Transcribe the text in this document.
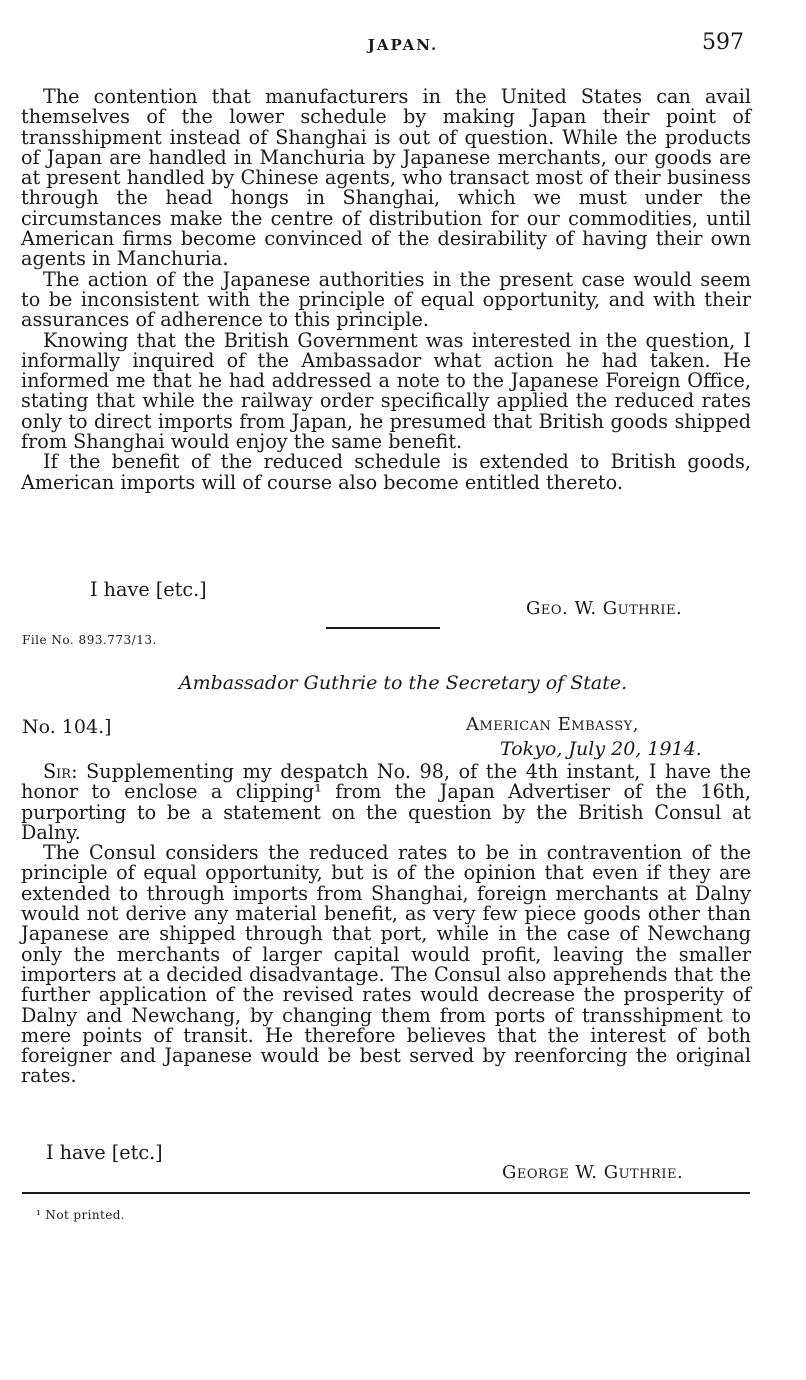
JAPAN.	597

The contention that manufacturers in the United States can avail themselves of the lower schedule by making Japan their point of transshipment instead of Shanghai is out of question. While the products of Japan are handled in Manchuria by Japanese merchants, our goods are at present handled by Chinese agents, who transact most of their business through the head hongs in Shanghai, which we must under the circumstances make the centre of distribution for our commodities, until American firms become convinced of the desirability of having their own agents in Manchuria.

The action of the Japanese authorities in the present case would seem to be inconsistent with the principle of equal opportunity, and with their assurances of adherence to this principle.

Knowing that the British Government was interested in the question, I informally inquired of the Ambassador what action he had taken. He informed me that he had addressed a note to the Japanese Foreign Office, stating that while the railway order specifically applied the reduced rates only to direct imports from Japan, he presumed that British goods shipped from Shanghai would enjoy the same benefit.

If the benefit of the reduced schedule is extended to British goods, American imports will of course also become entitled thereto.

I have [etc.]
Geo. W. Guthrie.
File No. 893.773/13.
Ambassador Guthrie to the Secretary of State.
No. 104.]	American Embassy,
Tokyo, July 20, 1914.

Sir: Supplementing my despatch No. 98, of the 4th instant, I have the honor to enclose a clipping¹ from the Japan Advertiser of the 16th, purporting to be a statement on the question by the British Consul at Dalny.

The Consul considers the reduced rates to be in contravention of the principle of equal opportunity, but is of the opinion that even if they are extended to through imports from Shanghai, foreign merchants at Dalny would not derive any material benefit, as very few piece goods other than Japanese are shipped through that port, while in the case of Newchang only the merchants of larger capital would profit, leaving the smaller importers at a decided disadvantage. The Consul also apprehends that the further application of the revised rates would decrease the prosperity of Dalny and Newchang, by changing them from ports of transshipment to mere points of transit. He therefore believes that the interest of both foreigner and Japanese would be best served by reenforcing the original rates.

I have [etc.]
George W. Guthrie.
¹ Not printed.
